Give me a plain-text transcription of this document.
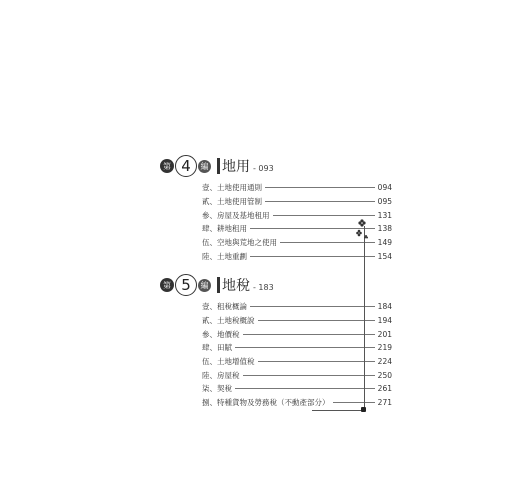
第 4	編 地用 - 093
壹、土地使用通則	094
貳、土地使用管制	095
參、房屋及基地租用	131
肆、耕地租用	138
伍、空地與荒地之使用	149
陸、土地重劃	154
第 5	編 地稅 - 183
壹、租稅概論	184
貳、土地稅概說	194
參、地價稅	201
肆、田賦	219
伍、土地增值稅	224
陸、房屋稅	250
柒、契稅	261
捌、特種貨物及勞務稅（不動產部分）	271
